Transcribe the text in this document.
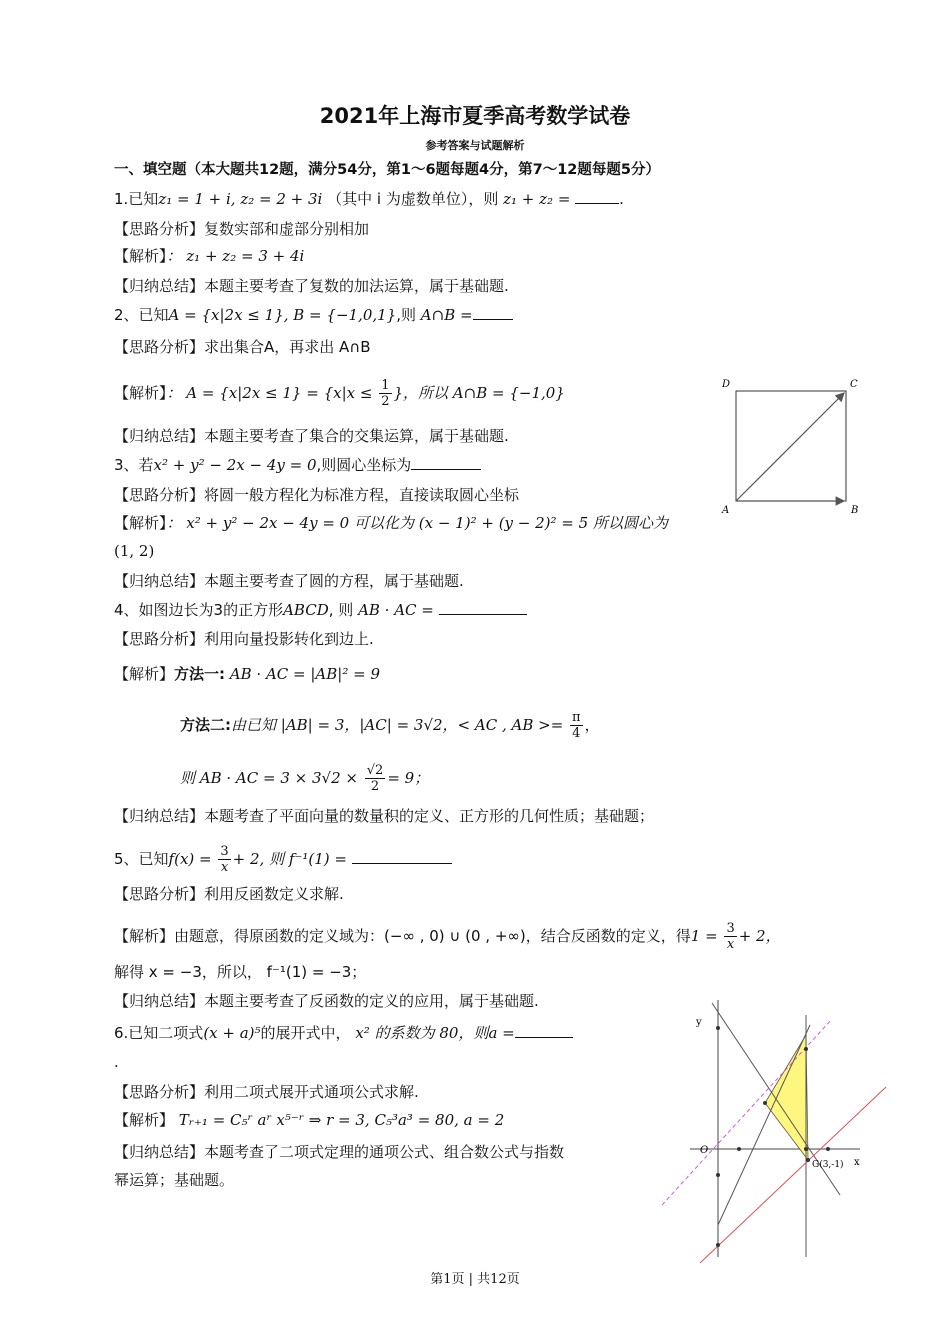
2021年上海市夏季高考数学试卷
参考答案与试题解析
一、填空题（本大题共12题，满分54分，第1～6题每题4分，第7～12题每题5分）
1.已知z₁ = 1 + i, z₂ = 2 + 3i （其中 i 为虚数单位），则 z₁ + z₂ =	.
【思路分析】复数实部和虚部分别相加
【解析】： z₁ + z₂ = 3 + 4i
【归纳总结】本题主要考查了复数的加法运算，属于基础题.
2、已知A = {x|2x ≤ 1}, B = {−1,0,1},则 A∩B =
【思路分析】求出集合A，再求出 A∩B
【解析】： $A = \{x|2x \le 1\} = \{x|x \le \frac{1}{2}$ }，所以 A∩B = {−1,0}
【归纳总结】本题主要考查了集合的交集运算，属于基础题.
3、若x² + y² − 2x − 4y = 0,则圆心坐标为
【思路分析】将圆一般方程化为标准方程，直接读取圆心坐标
【解析】： x² + y² − 2x − 4y = 0 可以化为 (x − 1)² + (y − 2)² = 5 所以圆心为
(1, 2)
【归纳总结】本题主要考查了圆的方程，属于基础题.
4、如图边长为3的正方形ABCD, 则 AB · AC =
【思路分析】利用向量投影转化到边上.
【解析】方法一: AB · AC = |AB|² = 9
方法二:由已知 |AB| = 3，|AC| = 3√2，< AC , AB >= $\frac{\pi}{4}$ ，
则 AB · AC = $3 \times 3√2 \times \frac{√2}{2} = 9$；
【归纳总结】本题考查了平面向量的数量积的定义、正方形的几何性质；基础题；
5、已知$f(x) = \frac{3}{x} + 2$, 则 f⁻¹(1) =
【思路分析】利用反函数定义求解.
【解析】由题意，得原函数的定义域为：(−∞ , 0) ∪ (0 , +∞)，结合反函数的定义，得$1 = \frac{3}{x} + 2$，
解得 x = −3，所以， f⁻¹(1) = −3；
【归纳总结】本题主要考查了反函数的定义的应用，属于基础题.
6.已知二项式(x + a)⁵的展开式中， x² 的系数为 80，则a =
.
【思路分析】利用二项式展开式通项公式求解.
【解析】 Tᵣ₊₁ = C₅ʳ aʳ x⁵⁻ʳ ⇒ r = 3, C₅³a³ = 80, a = 2
【归纳总结】本题考查了二项式定理的通项公式、组合数公式与指数
幂运算；基础题。
D	C
A	B
y
x
O
G(3,-1)
第1页 | 共12页
